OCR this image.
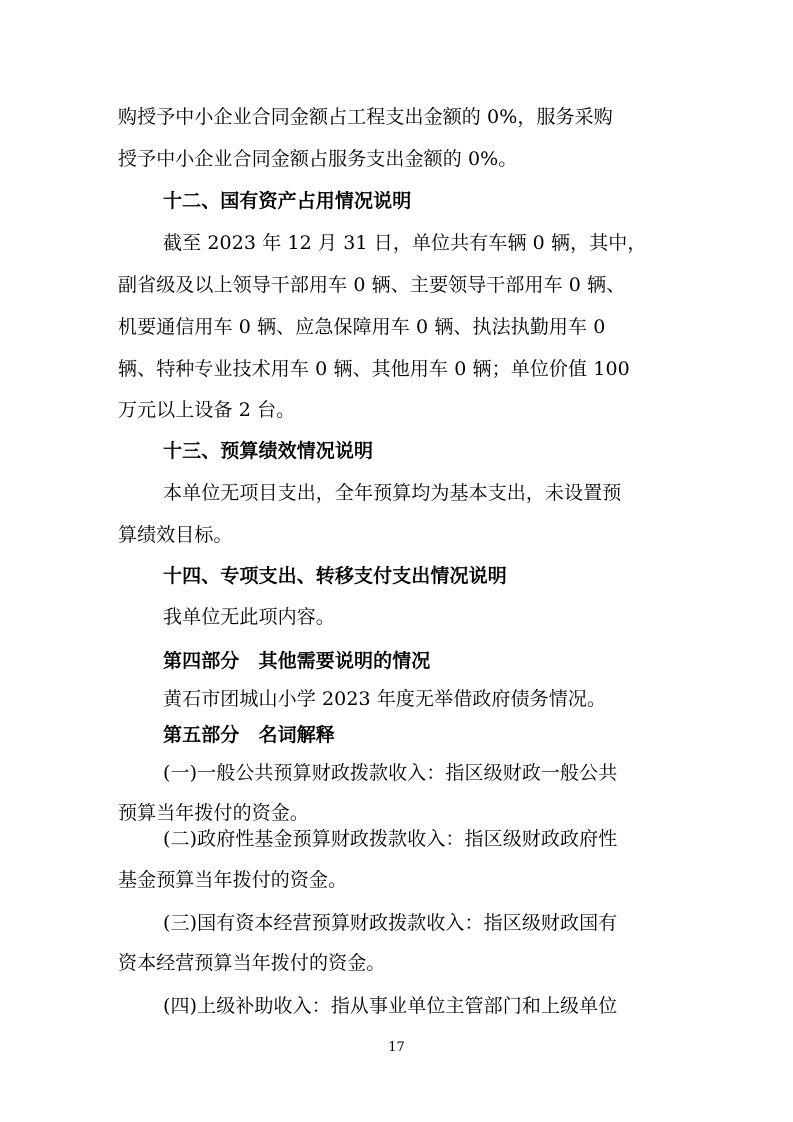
购授予中小企业合同金额占工程支出金额的 0%，服务采购
授予中小企业合同金额占服务支出金额的 0%。
十二、国有资产占用情况说明
截至 2023 年 12 月 31 日，单位共有车辆 0 辆，其中，
副省级及以上领导干部用车 0 辆、主要领导干部用车 0 辆、
机要通信用车 0 辆、应急保障用车 0 辆、执法执勤用车 0
辆、特种专业技术用车 0 辆、其他用车 0 辆；单位价值 100
万元以上设备 2 台。
十三、预算绩效情况说明
本单位无项目支出，全年预算均为基本支出，未设置预
算绩效目标。
十四、专项支出、转移支付支出情况说明
我单位无此项内容。
第四部分　其他需要说明的情况
黄石市团城山小学 2023 年度无举借政府债务情况。
第五部分　名词解释
(一)一般公共预算财政拨款收入：指区级财政一般公共
预算当年拨付的资金。
(二)政府性基金预算财政拨款收入：指区级财政政府性
基金预算当年拨付的资金。
(三)国有资本经营预算财政拨款收入：指区级财政国有
资本经营预算当年拨付的资金。
(四)上级补助收入：指从事业单位主管部门和上级单位
17
